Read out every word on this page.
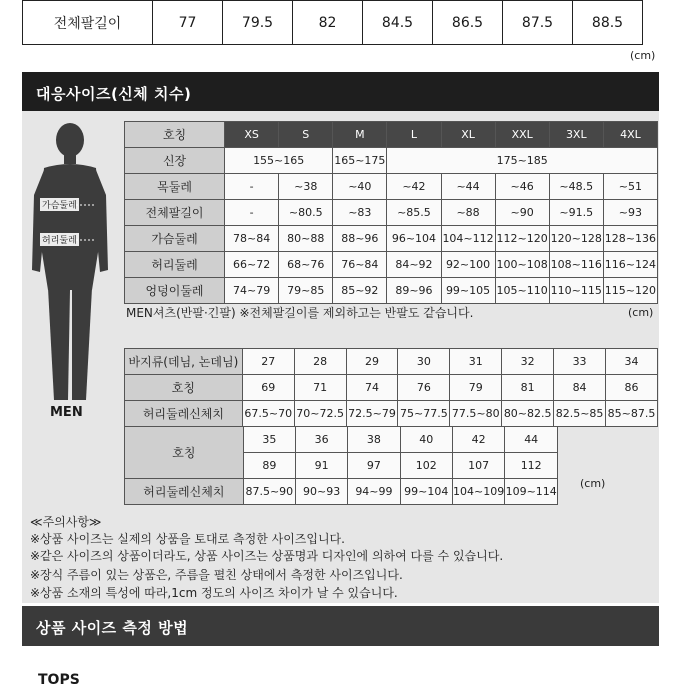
전체팔길이	77	79.5	82	84.5	86.5	87.5	88.5
(cm)
대응사이즈(신체 치수)
가슴둘레
허리둘레
MEN
호칭	XS	S	M	L	XL	XXL	3XL	4XL
신장	155~165		165~175	175~185				
목둘레	-	~38	~40	~42	~44	~46	~48.5	~51
전체팔길이	-	~80.5	~83	~85.5	~88	~90	~91.5	~93
가슴둘레	78~84	80~88	88~96	96~104	104~112	112~120	120~128	128~136
허리둘레	66~72	68~76	76~84	84~92	92~100	100~108	108~116	116~124
엉덩이둘레	74~79	79~85	85~92	89~96	99~105	105~110	110~115	115~120
MEN셔츠(반팔·긴팔) ※전체팔길이를 제외하고는 반팔도 같습니다.	(cm)
바지류(데님, 논데님)	27	28	29	30	31	32	33	34
호칭	69	71	74	76	79	81	84	86
허리둘레신체치	67.5~70	70~72.5	72.5~79	75~77.5	77.5~80	80~82.5	82.5~85	85~87.5
호칭	35	36	38	40	42	44
	89	91	97	102	107	112
허리둘레신체치	87.5~90	90~93	94~99	99~104	104~109	109~114
(cm)
≪주의사항≫
※상품 사이즈는 실제의 상품을 토대로 측정한 사이즈입니다.
※같은 사이즈의 상품이더라도, 상품 사이즈는 상품명과 디자인에 의하여 다를 수 있습니다.
※장식 주름이 있는 상품은, 주름을 펼친 상태에서 측정한 사이즈입니다.
※상품 소재의 특성에 따라,1cm 정도의 사이즈 차이가 날 수 있습니다.
상품 사이즈 측정 방법
TOPS
